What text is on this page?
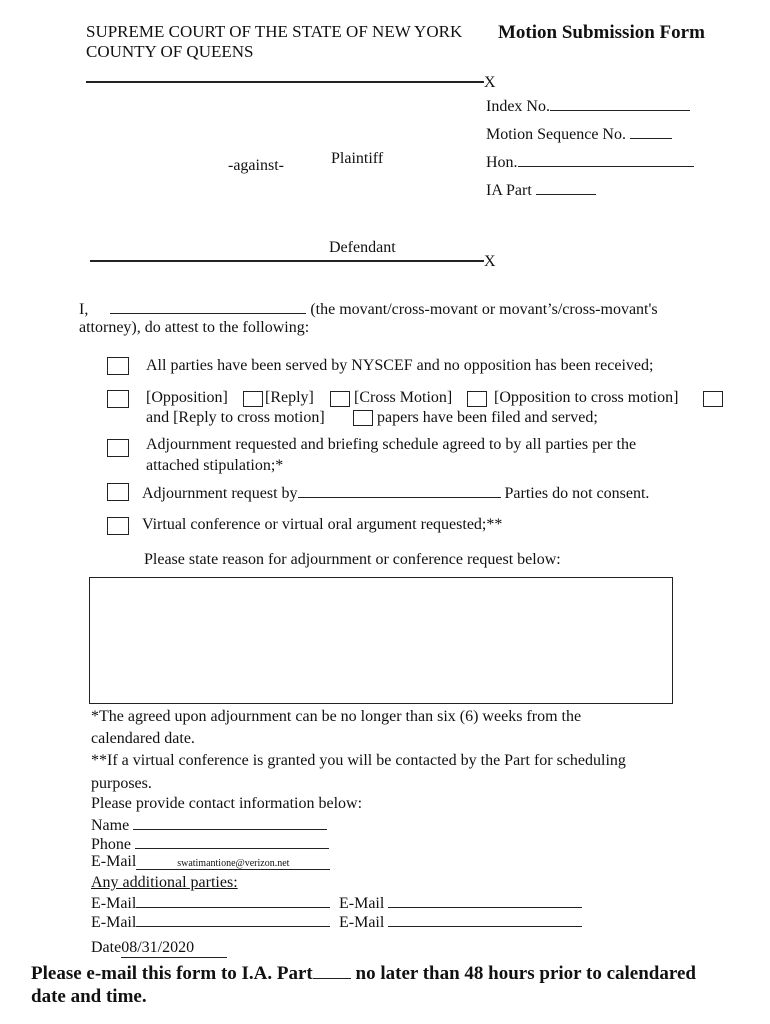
SUPREME COURT OF THE STATE OF NEW YORK
COUNTY OF QUEENS
Motion Submission Form
X
Index No.
Motion Sequence No.
Hon.
IA Part
Plaintiff
-against-
Defendant
X
I,	(the movant/cross-movant or movant’s/cross-movant's
attorney), do attest to the following:
All parties have been served by NYSCEF and no opposition has been received;
[Opposition] [Reply]	[Cross Motion]	[Opposition to cross motion]
and [Reply to cross motion]	papers have been filed and served;
Adjournment requested and briefing schedule agreed to by all parties per the
attached stipulation;*
Adjournment request by	Parties do not consent.
Virtual conference or virtual oral argument requested;**
Please state reason for adjournment or conference request below:
*The agreed upon adjournment can be no longer than six (6) weeks from the
calendared date.
**If a virtual conference is granted you will be contacted by the Part for scheduling
purposes.
Please provide contact information below:
Name
Phone
E-Mail	swatimantione@verizon.net
Any additional parties:
E-Mail	E-Mail
E-Mail	E-Mail
Date08/31/2020
Please e-mail this form to I.A. Part no later than 48 hours prior to calendared
date and time.
